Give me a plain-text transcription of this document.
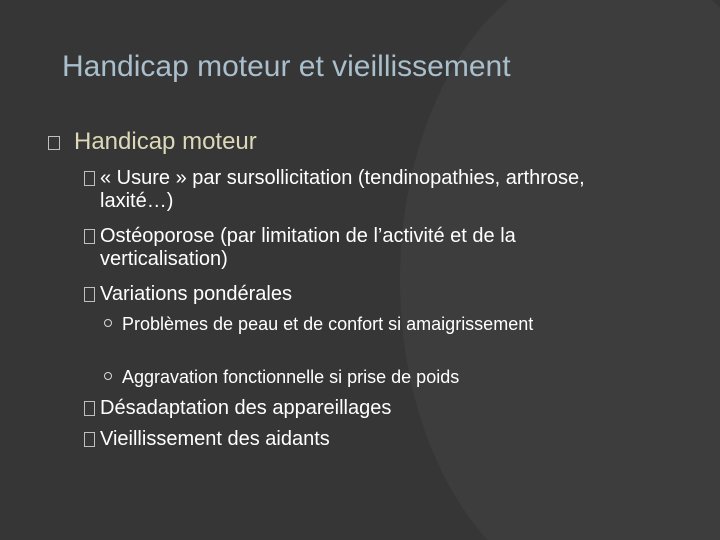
Handicap moteur et vieillissement
Handicap moteur
« Usure » par sursollicitation (tendinopathies, arthrose, laxité…)
Ostéoporose (par limitation de l’activité et de la verticalisation)
Variations pondérales
Problèmes de peau et de confort si amaigrissement
Aggravation fonctionnelle si prise de poids
Désadaptation des appareillages
Vieillissement des aidants
